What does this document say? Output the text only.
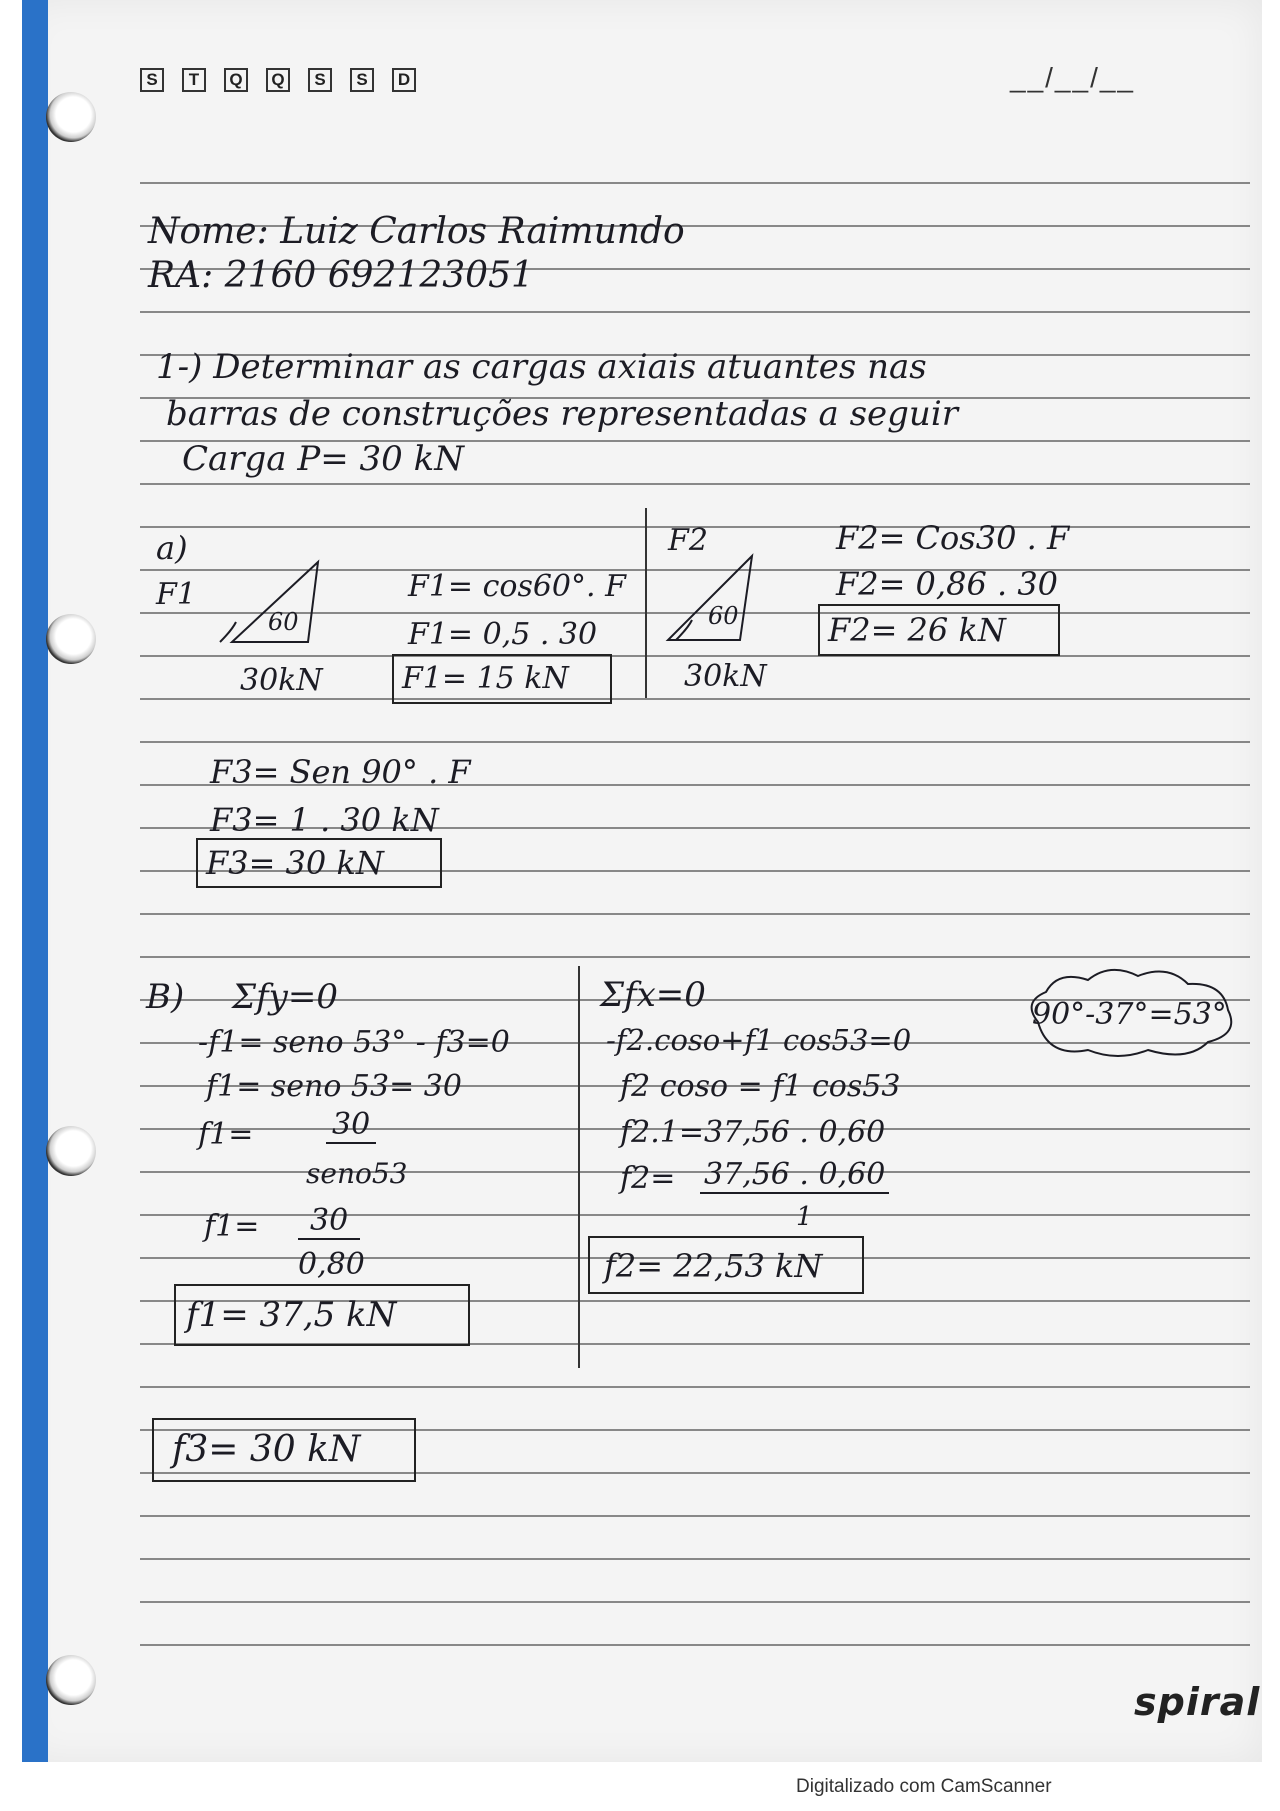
S	T	Q	Q	S	S	D	__/__/__
Nome: Luiz Carlos Raimundo
RA: 2160 692123051
1-) Determinar as cargas axiais atuantes nas
barras de construções representadas a seguir
Carga P= 30 kN
a)
F1
60
30kN
F1= cos60°. F
F1= 0,5 . 30
F1= 15 kN
F2
60
30kN
F2= Cos30 . F
F2= 0,86 . 30
F2= 26 kN
F3= Sen 90° . F
F3= 1 . 30 kN
F3= 30 kN
B) Σfy=0
-f1= seno 53° - f3=0
f1= seno 53= 30
f1=	30
seno53
f1=	30
0,80
f1= 37,5 kN
Σfx=0
-f2.coso+f1 cos53=0
f2 coso = f1 cos53
f2.1=37,56 . 0,60
f2= 37,56 . 0,60
1
f2= 22,53 kN
90°-37°=53°
f3= 30 kN
spiral
Digitalizado com CamScanner
